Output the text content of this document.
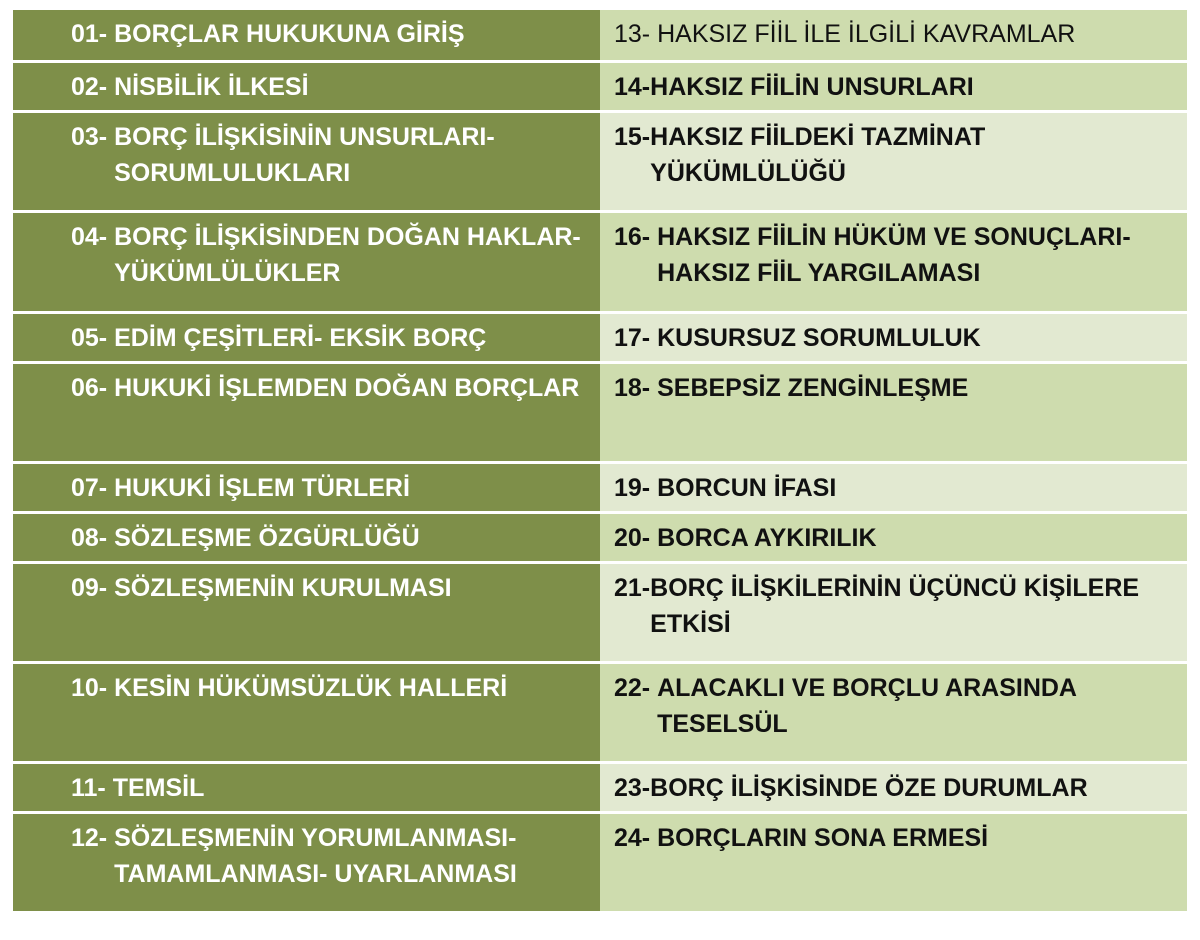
01- BORÇLAR HUKUKUNA GİRİŞ	13- HAKSIZ FİİL İLE İLGİLİ KAVRAMLAR

02- NİSBİLİK İLKESİ	14- HAKSIZ FİİLİN UNSURLARI

03- BORÇ İLİŞKİSİNİN UNSURLARI- SORUMLULUKLARI	15- HAKSIZ FİİLDEKİ TAZMİNAT YÜKÜMLÜLÜĞÜ

04- BORÇ İLİŞKİSİNDEN DOĞAN HAKLAR- YÜKÜMLÜLÜKLER	16- HAKSIZ FİİLİN HÜKÜM VE SONUÇLARI- HAKSIZ FİİL YARGILAMASI

05- EDİM ÇEŞİTLERİ- EKSİK BORÇ	17- KUSURSUZ SORUMLULUK

06- HUKUKİ İŞLEMDEN DOĞAN BORÇLAR	18- SEBEPSİZ ZENGİNLEŞME

07- HUKUKİ İŞLEM TÜRLERİ	19- BORCUN İFASI

08- SÖZLEŞME ÖZGÜRLÜĞÜ	20- BORCA AYKIRILIK

09- SÖZLEŞMENİN KURULMASI	21- BORÇ İLİŞKİLERİNİN ÜÇÜNCÜ KİŞİLERE ETKİSİ

10- KESİN HÜKÜMSÜZLÜK HALLERİ	22- ALACAKLI VE BORÇLU ARASINDA TESELSÜL

11- TEMSİL	23- BORÇ İLİŞKİSİNDE ÖZE DURUMLAR

12- SÖZLEŞMENİN YORUMLANMASI- TAMAMLANMASI- UYARLANMASI	24- BORÇLARIN SONA ERMESİ
